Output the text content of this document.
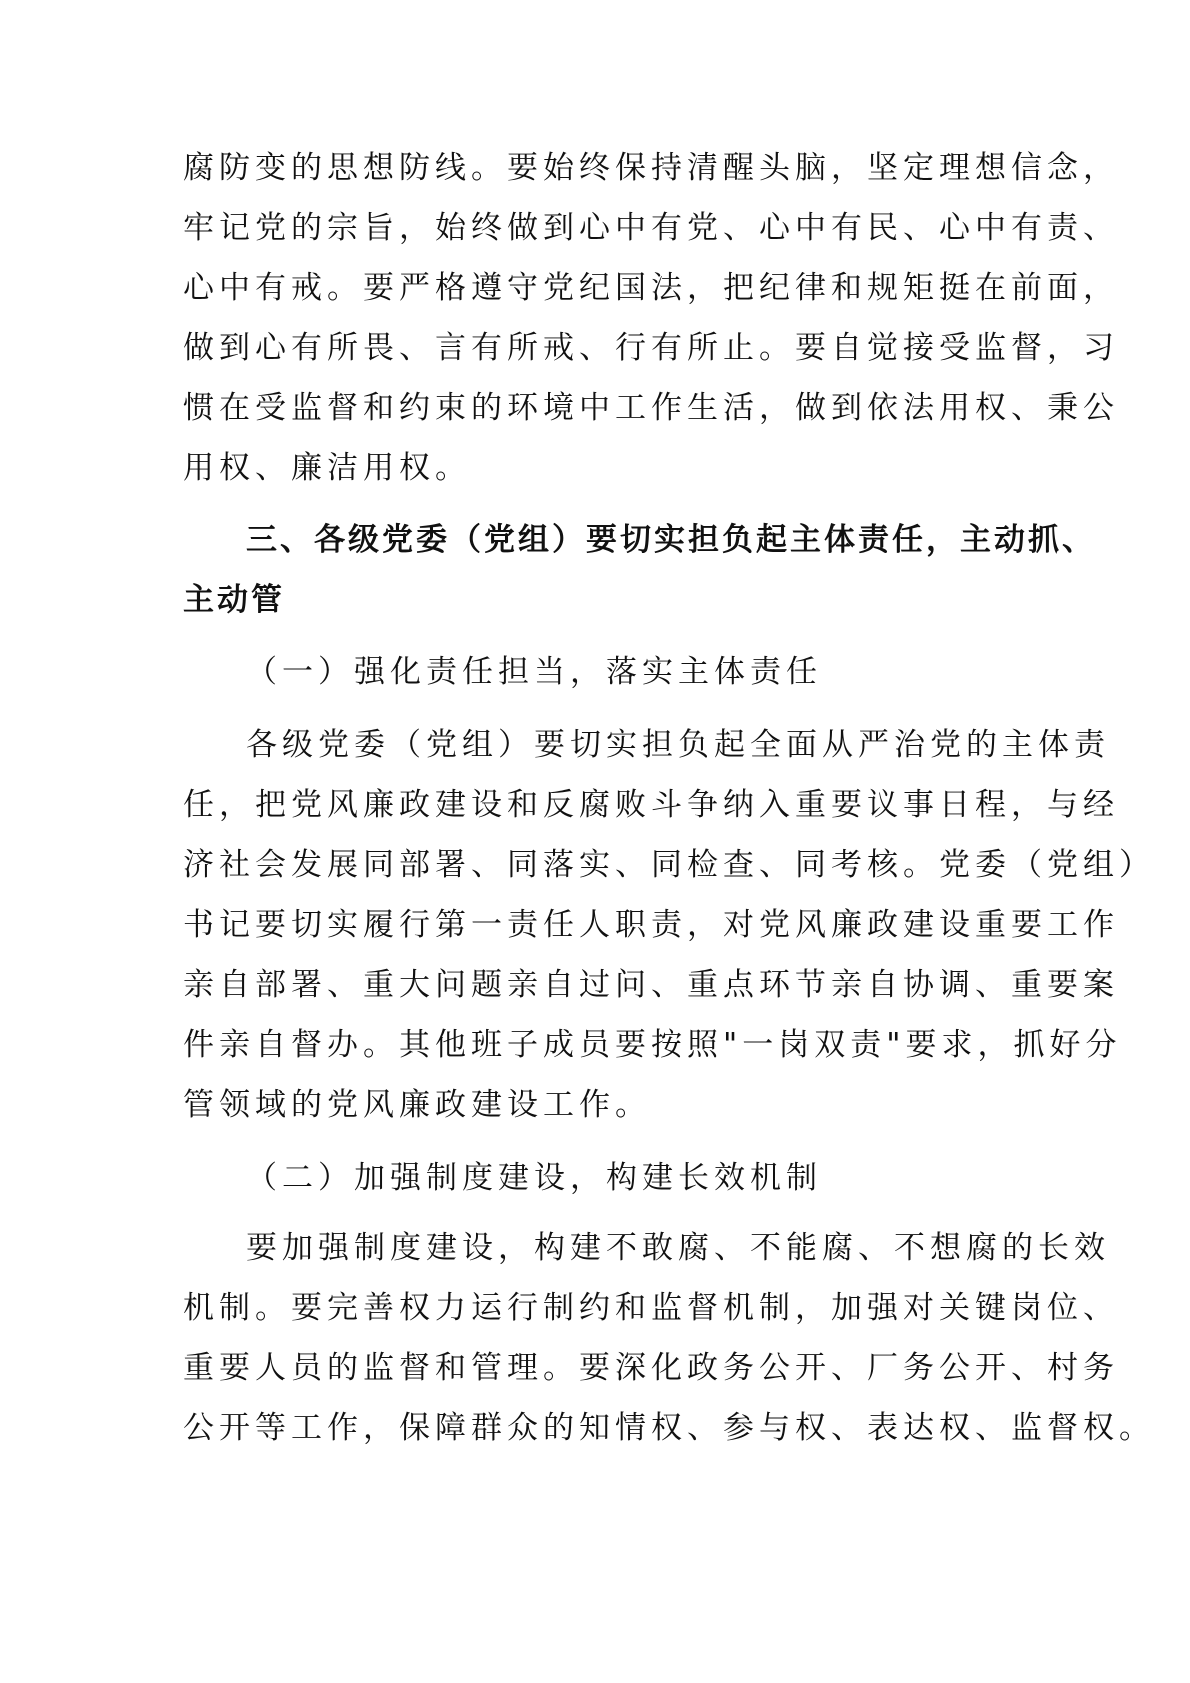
腐防变的思想防线。要始终保持清醒头脑，坚定理想信念，
牢记党的宗旨，始终做到心中有党、心中有民、心中有责、
心中有戒。要严格遵守党纪国法，把纪律和规矩挺在前面，
做到心有所畏、言有所戒、行有所止。要自觉接受监督，习
惯在受监督和约束的环境中工作生活，做到依法用权、秉公
用权、廉洁用权。
三、各级党委（党组）要切实担负起主体责任，主动抓、
主动管
（一）强化责任担当，落实主体责任
各级党委（党组）要切实担负起全面从严治党的主体责
任，把党风廉政建设和反腐败斗争纳入重要议事日程，与经
济社会发展同部署、同落实、同检查、同考核。党委（党组）
书记要切实履行第一责任人职责，对党风廉政建设重要工作
亲自部署、重大问题亲自过问、重点环节亲自协调、重要案
件亲自督办。其他班子成员要按照"一岗双责"要求，抓好分
管领域的党风廉政建设工作。
（二）加强制度建设，构建长效机制
要加强制度建设，构建不敢腐、不能腐、不想腐的长效
机制。要完善权力运行制约和监督机制，加强对关键岗位、
重要人员的监督和管理。要深化政务公开、厂务公开、村务
公开等工作，保障群众的知情权、参与权、表达权、监督权。
